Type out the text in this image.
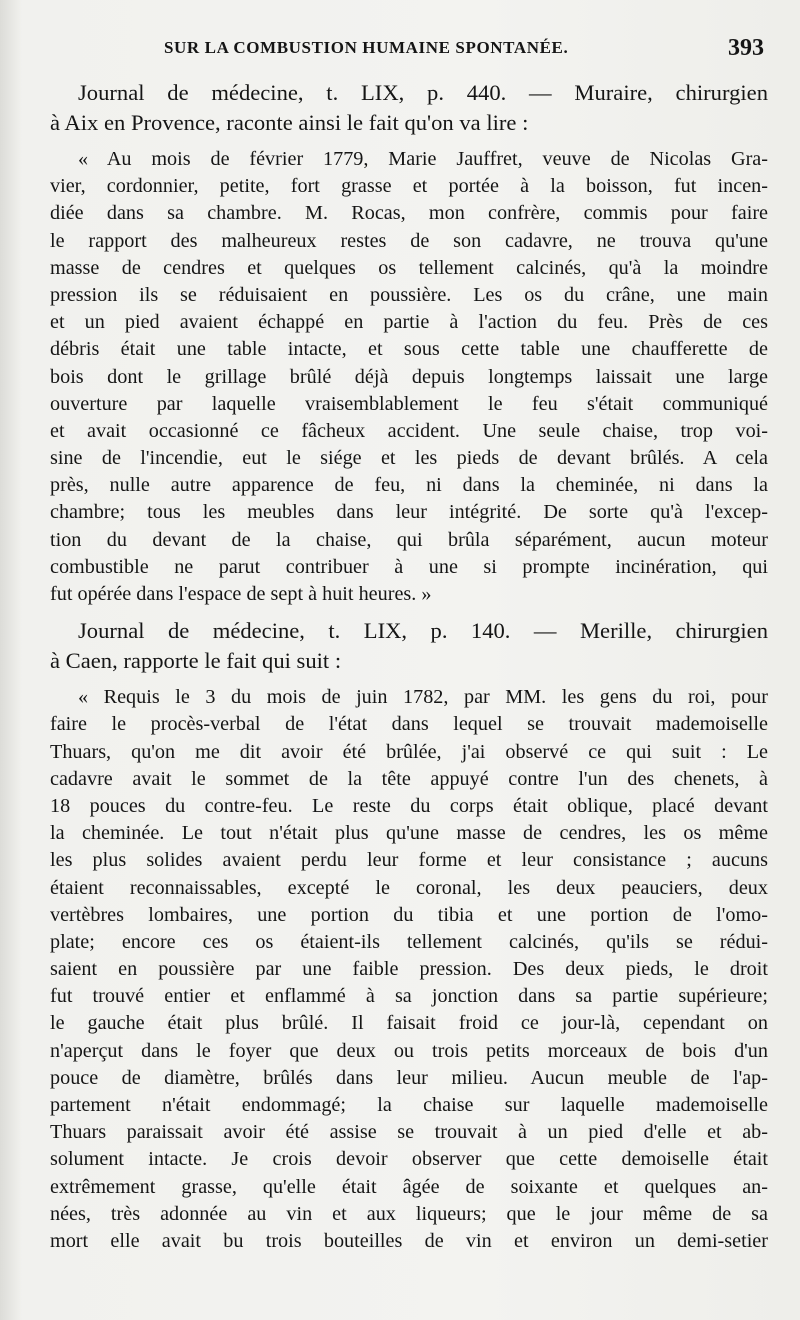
SUR LA COMBUSTION HUMAINE SPONTANÉE.	393
Journal de médecine, t. LIX, p. 440. — Muraire, chirurgien
à Aix en Provence, raconte ainsi le fait qu'on va lire :
« Au mois de février 1779, Marie Jauffret, veuve de Nicolas Gra-
vier, cordonnier, petite, fort grasse et portée à la boisson, fut incen-
diée dans sa chambre. M. Rocas, mon confrère, commis pour faire
le rapport des malheureux restes de son cadavre, ne trouva qu'une
masse de cendres et quelques os tellement calcinés, qu'à la moindre
pression ils se réduisaient en poussière. Les os du crâne, une main
et un pied avaient échappé en partie à l'action du feu. Près de ces
débris était une table intacte, et sous cette table une chaufferette de
bois dont le grillage brûlé déjà depuis longtemps laissait une large
ouverture par laquelle vraisemblablement le feu s'était communiqué
et avait occasionné ce fâcheux accident. Une seule chaise, trop voi-
sine de l'incendie, eut le siége et les pieds de devant brûlés. A cela
près, nulle autre apparence de feu, ni dans la cheminée, ni dans la
chambre; tous les meubles dans leur intégrité. De sorte qu'à l'excep-
tion du devant de la chaise, qui brûla séparément, aucun moteur
combustible ne parut contribuer à une si prompte incinération, qui
fut opérée dans l'espace de sept à huit heures. »
Journal de médecine, t. LIX, p. 140. — Merille, chirurgien
à Caen, rapporte le fait qui suit :
« Requis le 3 du mois de juin 1782, par MM. les gens du roi, pour
faire le procès-verbal de l'état dans lequel se trouvait mademoiselle
Thuars, qu'on me dit avoir été brûlée, j'ai observé ce qui suit : Le
cadavre avait le sommet de la tête appuyé contre l'un des chenets, à
18 pouces du contre-feu. Le reste du corps était oblique, placé devant
la cheminée. Le tout n'était plus qu'une masse de cendres, les os même
les plus solides avaient perdu leur forme et leur consistance ; aucuns
étaient reconnaissables, excepté le coronal, les deux peauciers, deux
vertèbres lombaires, une portion du tibia et une portion de l'omo-
plate; encore ces os étaient-ils tellement calcinés, qu'ils se rédui-
saient en poussière par une faible pression. Des deux pieds, le droit
fut trouvé entier et enflammé à sa jonction dans sa partie supérieure;
le gauche était plus brûlé. Il faisait froid ce jour-là, cependant on
n'aperçut dans le foyer que deux ou trois petits morceaux de bois d'un
pouce de diamètre, brûlés dans leur milieu. Aucun meuble de l'ap-
partement n'était endommagé; la chaise sur laquelle mademoiselle
Thuars paraissait avoir été assise se trouvait à un pied d'elle et ab-
solument intacte. Je crois devoir observer que cette demoiselle était
extrêmement grasse, qu'elle était âgée de soixante et quelques an-
nées, très adonnée au vin et aux liqueurs; que le jour même de sa
mort elle avait bu trois bouteilles de vin et environ un demi-setier
